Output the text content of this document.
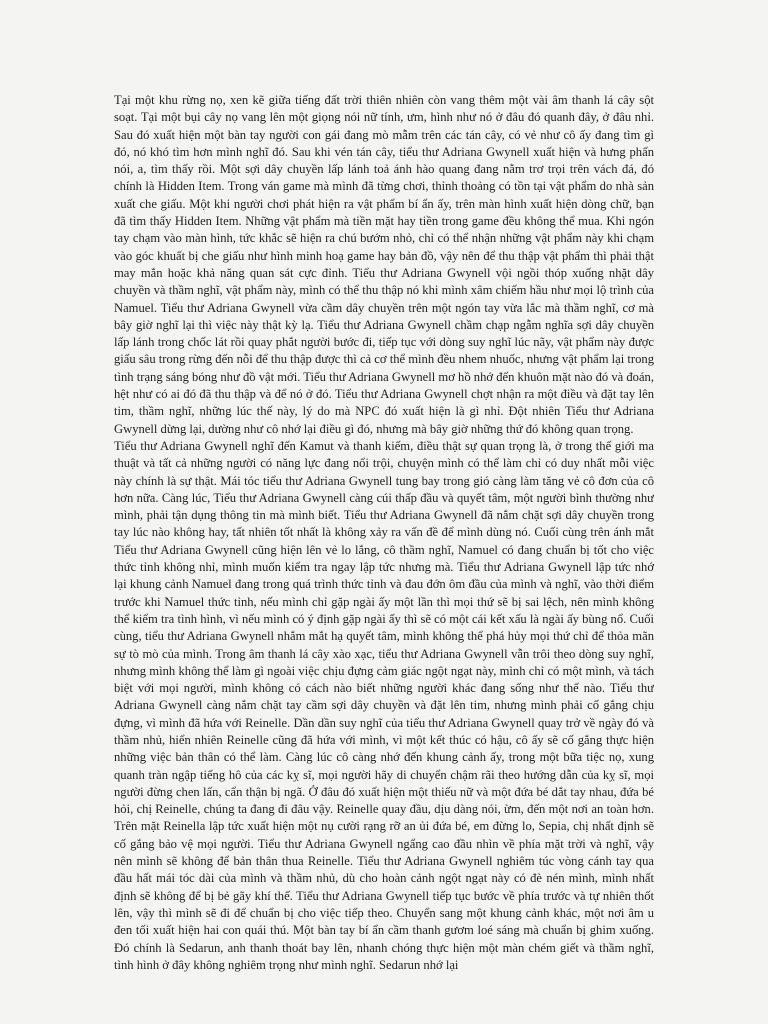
Tại một khu rừng nọ, xen kẽ giữa tiếng đất trời thiên nhiên còn vang thêm một vài âm thanh lá cây sột soạt. Tại một bụi cây nọ vang lên một giọng nói nữ tính, ưm, hình như nó ở đâu đó quanh đây, ở đâu nhỉ. Sau đó xuất hiện một bàn tay người con gái đang mò mẫm trên các tán cây, có vẻ như cô ấy đang tìm gì đó, nó khó tìm hơn mình nghĩ đó. Sau khi vén tán cây, tiểu thư Adriana Gwynell xuất hiện và hưng phấn nói, a, tìm thấy rồi. Một sợi dây chuyền lấp lánh toả ánh hào quang đang nằm trơ trọi trên vách đá, đó chính là Hidden Item. Trong ván game mà mình đã từng chơi, thỉnh thoảng có tồn tại vật phẩm do nhà sản xuất che giấu. Một khi người chơi phát hiện ra vật phẩm bí ẩn ấy, trên màn hình xuất hiện dòng chữ, bạn đã tìm thấy Hidden Item. Những vật phẩm mà tiền mặt hay tiền trong game đều không thể mua. Khi ngón tay chạm vào màn hình, tức khắc sẽ hiện ra chú bướm nhỏ, chỉ có thể nhận những vật phẩm này khi chạm vào góc khuất bị che giấu như hình minh hoạ game hay bản đồ, vậy nên để thu thập vật phẩm thì phải thật may mắn hoặc khả năng quan sát cực đỉnh. Tiểu thư Adriana Gwynell vội ngồi thóp xuống nhặt dây chuyền và thầm nghĩ, vật phẩm này, mình có thể thu thập nó khi mình xâm chiếm hầu như mọi lộ trình của Namuel. Tiểu thư Adriana Gwynell vừa cầm dây chuyền trên một ngón tay vừa lắc mà thầm nghĩ, cơ mà bây giờ nghĩ lại thì việc này thật kỳ lạ. Tiểu thư Adriana Gwynell chầm chạp ngẫm nghĩa sợi dây chuyền lấp lánh trong chốc lát rồi quay phắt người bước đi, tiếp tục với dòng suy nghĩ lúc nãy, vật phẩm này được giấu sâu trong rừng đến nỗi để thu thập được thì cả cơ thể mình đều nhem nhuốc, nhưng vật phẩm lại trong tình trạng sáng bóng như đồ vật mới. Tiểu thư Adriana Gwynell mơ hồ nhớ đến khuôn mặt nào đó và đoán, hệt như có ai đó đã thu thập và để nó ở đó. Tiểu thư Adriana Gwynell chợt nhận ra một điều và đặt tay lên tim, thầm nghĩ, những lúc thế này, lý do mà NPC đó xuất hiện là gì nhỉ. Đột nhiên Tiểu thư Adriana Gwynell dừng lại, dường như cô nhớ lại điều gì đó, nhưng mà bây giờ những thứ đó không quan trọng.

Tiểu thư Adriana Gwynell nghĩ đến Kamut và thanh kiếm, điều thật sự quan trọng là, ở trong thế giới ma thuật và tất cả những người có năng lực đang nổi trội, chuyện mình có thể làm chỉ có duy nhất mỗi việc này chính là sự thật. Mái tóc tiểu thư Adriana Gwynell tung bay trong gió càng làm tăng vẻ cô đơn của cô hơn nữa. Càng lúc, Tiểu thư Adriana Gwynell càng cúi thấp đầu và quyết tâm, một người bình thường như mình, phải tận dụng thông tin mà mình biết. Tiểu thư Adriana Gwynell đã nắm chặt sợi dây chuyền trong tay lúc nào không hay, tất nhiên tốt nhất là không xảy ra vấn đề để mình dùng nó. Cuối cùng trên ánh mắt Tiểu thư Adriana Gwynell cũng hiện lên vẻ lo lắng, cô thầm nghĩ, Namuel có đang chuẩn bị tốt cho việc thức tỉnh không nhỉ, mình muốn kiểm tra ngay lập tức nhưng mà. Tiểu thư Adriana Gwynell lập tức nhớ lại khung cảnh Namuel đang trong quá trình thức tỉnh và đau đớn ôm đầu của mình và nghĩ, vào thời điểm trước khi Namuel thức tỉnh, nếu mình chỉ gặp ngài ấy một lần thì mọi thứ sẽ bị sai lệch, nên mình không thể kiểm tra tình hình, vì nếu mình có ý định gặp ngài ấy thì sẽ có một cái kết xấu là ngài ấy bùng nổ. Cuối cùng, tiểu thư Adriana Gwynell nhắm mắt hạ quyết tâm, mình không thể phá hủy mọi thứ chỉ để thỏa mãn sự tò mò của mình. Trong âm thanh lá cây xào xạc, tiểu thư Adriana Gwynell vẫn trôi theo dòng suy nghĩ, nhưng mình không thể làm gì ngoài việc chịu đựng cảm giác ngột ngạt này, mình chỉ có một mình, và tách biệt với mọi người, mình không có cách nào biết những người khác đang sống như thế nào. Tiểu thư Adriana Gwynell càng nắm chặt tay cầm sợi dây chuyền và đặt lên tim, nhưng mình phải cố gắng chịu đựng, vì mình đã hứa với Reinelle. Dần dần suy nghĩ của tiểu thư Adriana Gwynell quay trở về ngày đó và thầm nhủ, hiển nhiên Reinelle cũng đã hứa với mình, vì một kết thúc có hậu, cô ấy sẽ cố gắng thực hiện những việc bản thân có thể làm. Càng lúc cô càng nhớ đến khung cảnh ấy, trong một bữa tiệc nọ, xung quanh tràn ngập tiếng hô của các kỵ sĩ, mọi người hãy di chuyển chậm rãi theo hướng dẫn của kỵ sĩ, mọi người đừng chen lấn, cẩn thận bị ngã. Ở đâu đó xuất hiện một thiếu nữ và một đứa bé dắt tay nhau, đứa bé hỏi, chị Reinelle, chúng ta đang đi đâu vậy. Reinelle quay đầu, dịu dàng nói, ừm, đến một nơi an toàn hơn. Trên mặt Reinella lập tức xuất hiện một nụ cười rạng rỡ an ủi đứa bé, em đừng lo, Sepia, chị nhất định sẽ cố gắng bảo vệ mọi người. Tiểu thư Adriana Gwynell ngẩng cao đầu nhìn về phía mặt trời và nghĩ, vậy nên mình sẽ không để bản thân thua Reinelle. Tiểu thư Adriana Gwynell nghiêm túc vòng cánh tay qua đầu hất mái tóc dài của mình và thầm nhủ, dù cho hoàn cảnh ngột ngạt này có đè nén mình, mình nhất định sẽ không để bị bẻ gãy khí thế. Tiểu thư Adriana Gwynell tiếp tục bước về phía trước và tự nhiên thốt lên, vậy thì mình sẽ đi để chuẩn bị cho việc tiếp theo. Chuyển sang một khung cảnh khác, một nơi âm u đen tối xuất hiện hai con quái thú. Một bàn tay bí ẩn cầm thanh gươm loé sáng mà chuẩn bị ghim xuống. Đó chính là Sedarun, anh thanh thoát bay lên, nhanh chóng thực hiện một màn chém giết và thầm nghĩ, tình hình ở đây không nghiêm trọng như mình nghĩ. Sedarun nhớ lại
